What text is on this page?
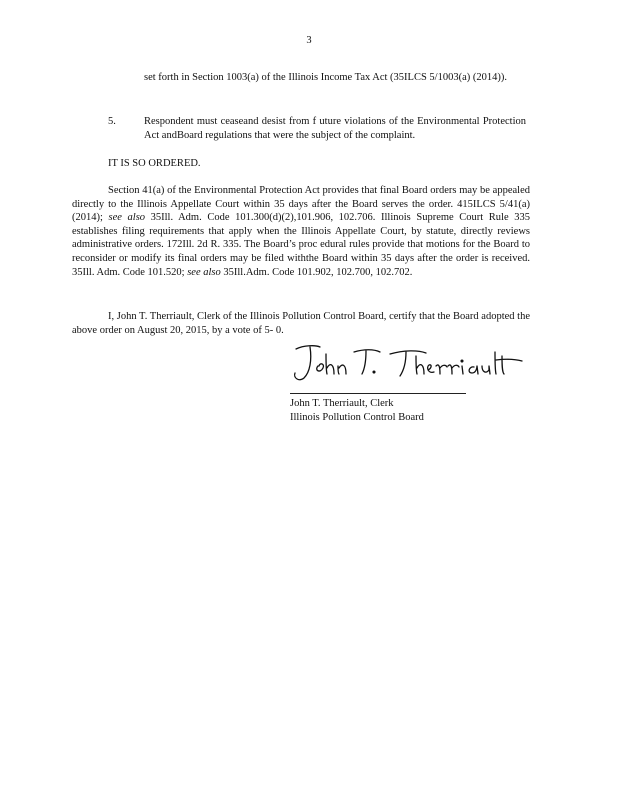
3
set forth in Section 1003(a) of the Illinois Income Tax Act (35ILCS 5/1003(a) (2014)).
5.	Respondent must ceaseand desist from f uture violations of the Environmental Protection Act andBoard regulations that were the subject of the complaint.
IT IS SO ORDERED.

Section 41(a) of the Environmental Protection Act provides that final Board orders may be appealed directly to the Illinois Appellate Court within 35 days after the Board serves the order. 415ILCS 5/41(a) (2014); see also 35Ill. Adm. Code 101.300(d)(2),101.906, 102.706. Illinois Supreme Court Rule 335 establishes filing requirements that apply when the Illinois Appellate Court, by statute, directly reviews administrative orders. 172Ill. 2d R. 335. The Board’s proc edural rules provide that motions for the Board to reconsider or modify its final orders may be filed withthe Board within 35 days after the order is received. 35Ill. Adm. Code 101.520; see also 35Ill.Adm. Code 101.902, 102.700, 102.702.

I, John T. Therriault, Clerk of the Illinois Pollution Control Board, certify that the Board adopted the above order on August 20, 2015, by a vote of 5- 0.

John T. Therriault, Clerk
Illinois Pollution Control Board
